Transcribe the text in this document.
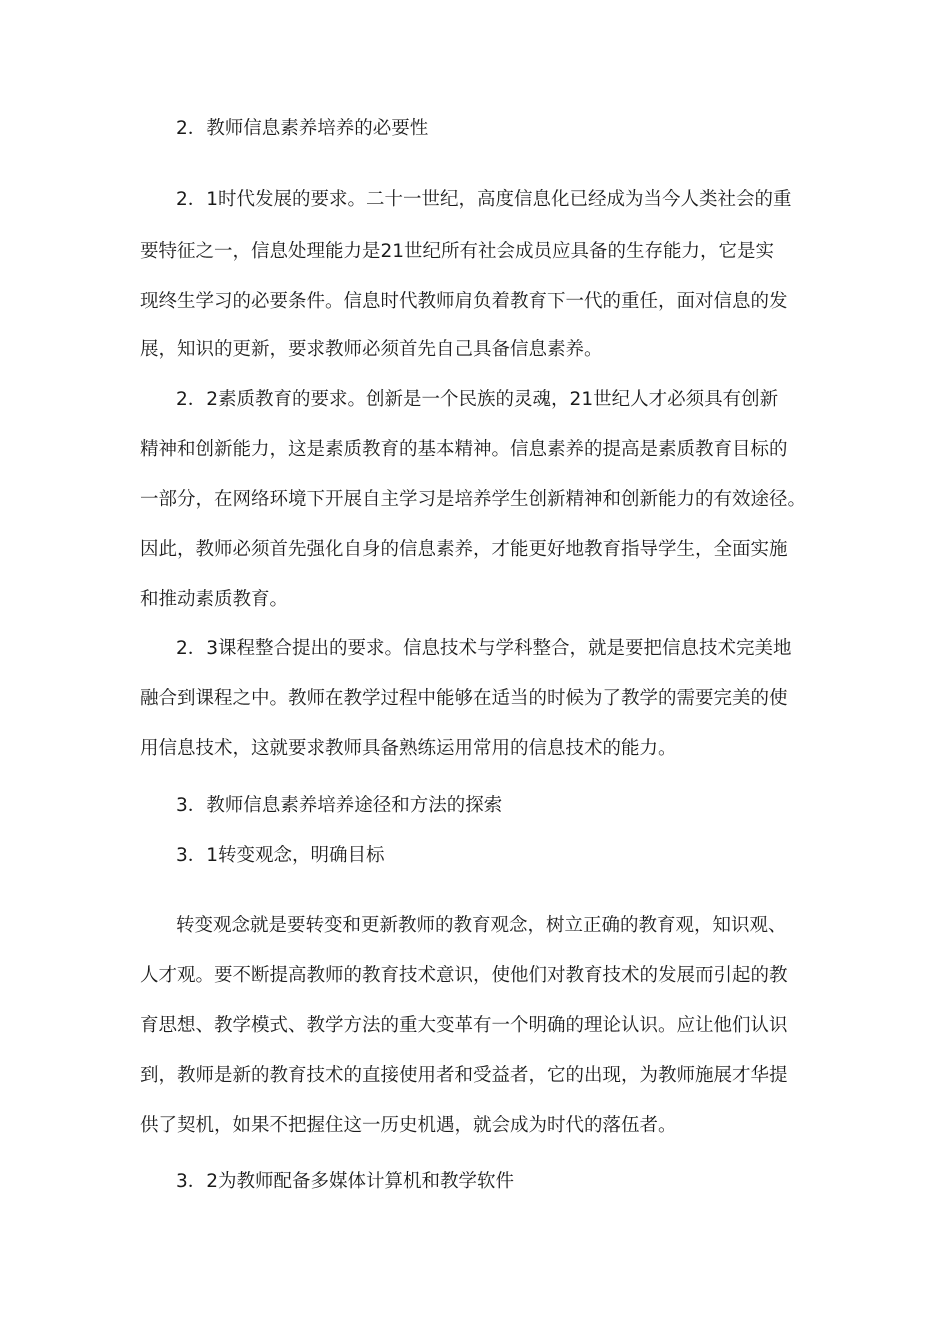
2．教师信息素养培养的必要性
2．1时代发展的要求。二十一世纪，高度信息化已经成为当今人类社会的重
要特征之一，信息处理能力是21世纪所有社会成员应具备的生存能力，它是实
现终生学习的必要条件。信息时代教师肩负着教育下一代的重任，面对信息的发
展，知识的更新，要求教师必须首先自己具备信息素养。
2．2素质教育的要求。创新是一个民族的灵魂，21世纪人才必须具有创新
精神和创新能力，这是素质教育的基本精神。信息素养的提高是素质教育目标的
一部分，在网络环境下开展自主学习是培养学生创新精神和创新能力的有效途径。
因此，教师必须首先强化自身的信息素养，才能更好地教育指导学生，全面实施
和推动素质教育。
2．3课程整合提出的要求。信息技术与学科整合，就是要把信息技术完美地
融合到课程之中。教师在教学过程中能够在适当的时候为了教学的需要完美的使
用信息技术，这就要求教师具备熟练运用常用的信息技术的能力。
3．教师信息素养培养途径和方法的探索
3．1转变观念，明确目标
转变观念就是要转变和更新教师的教育观念，树立正确的教育观，知识观、
人才观。要不断提高教师的教育技术意识，使他们对教育技术的发展而引起的教
育思想、教学模式、教学方法的重大变革有一个明确的理论认识。应让他们认识
到，教师是新的教育技术的直接使用者和受益者，它的出现，为教师施展才华提
供了契机，如果不把握住这一历史机遇，就会成为时代的落伍者。
3．2为教师配备多媒体计算机和教学软件
